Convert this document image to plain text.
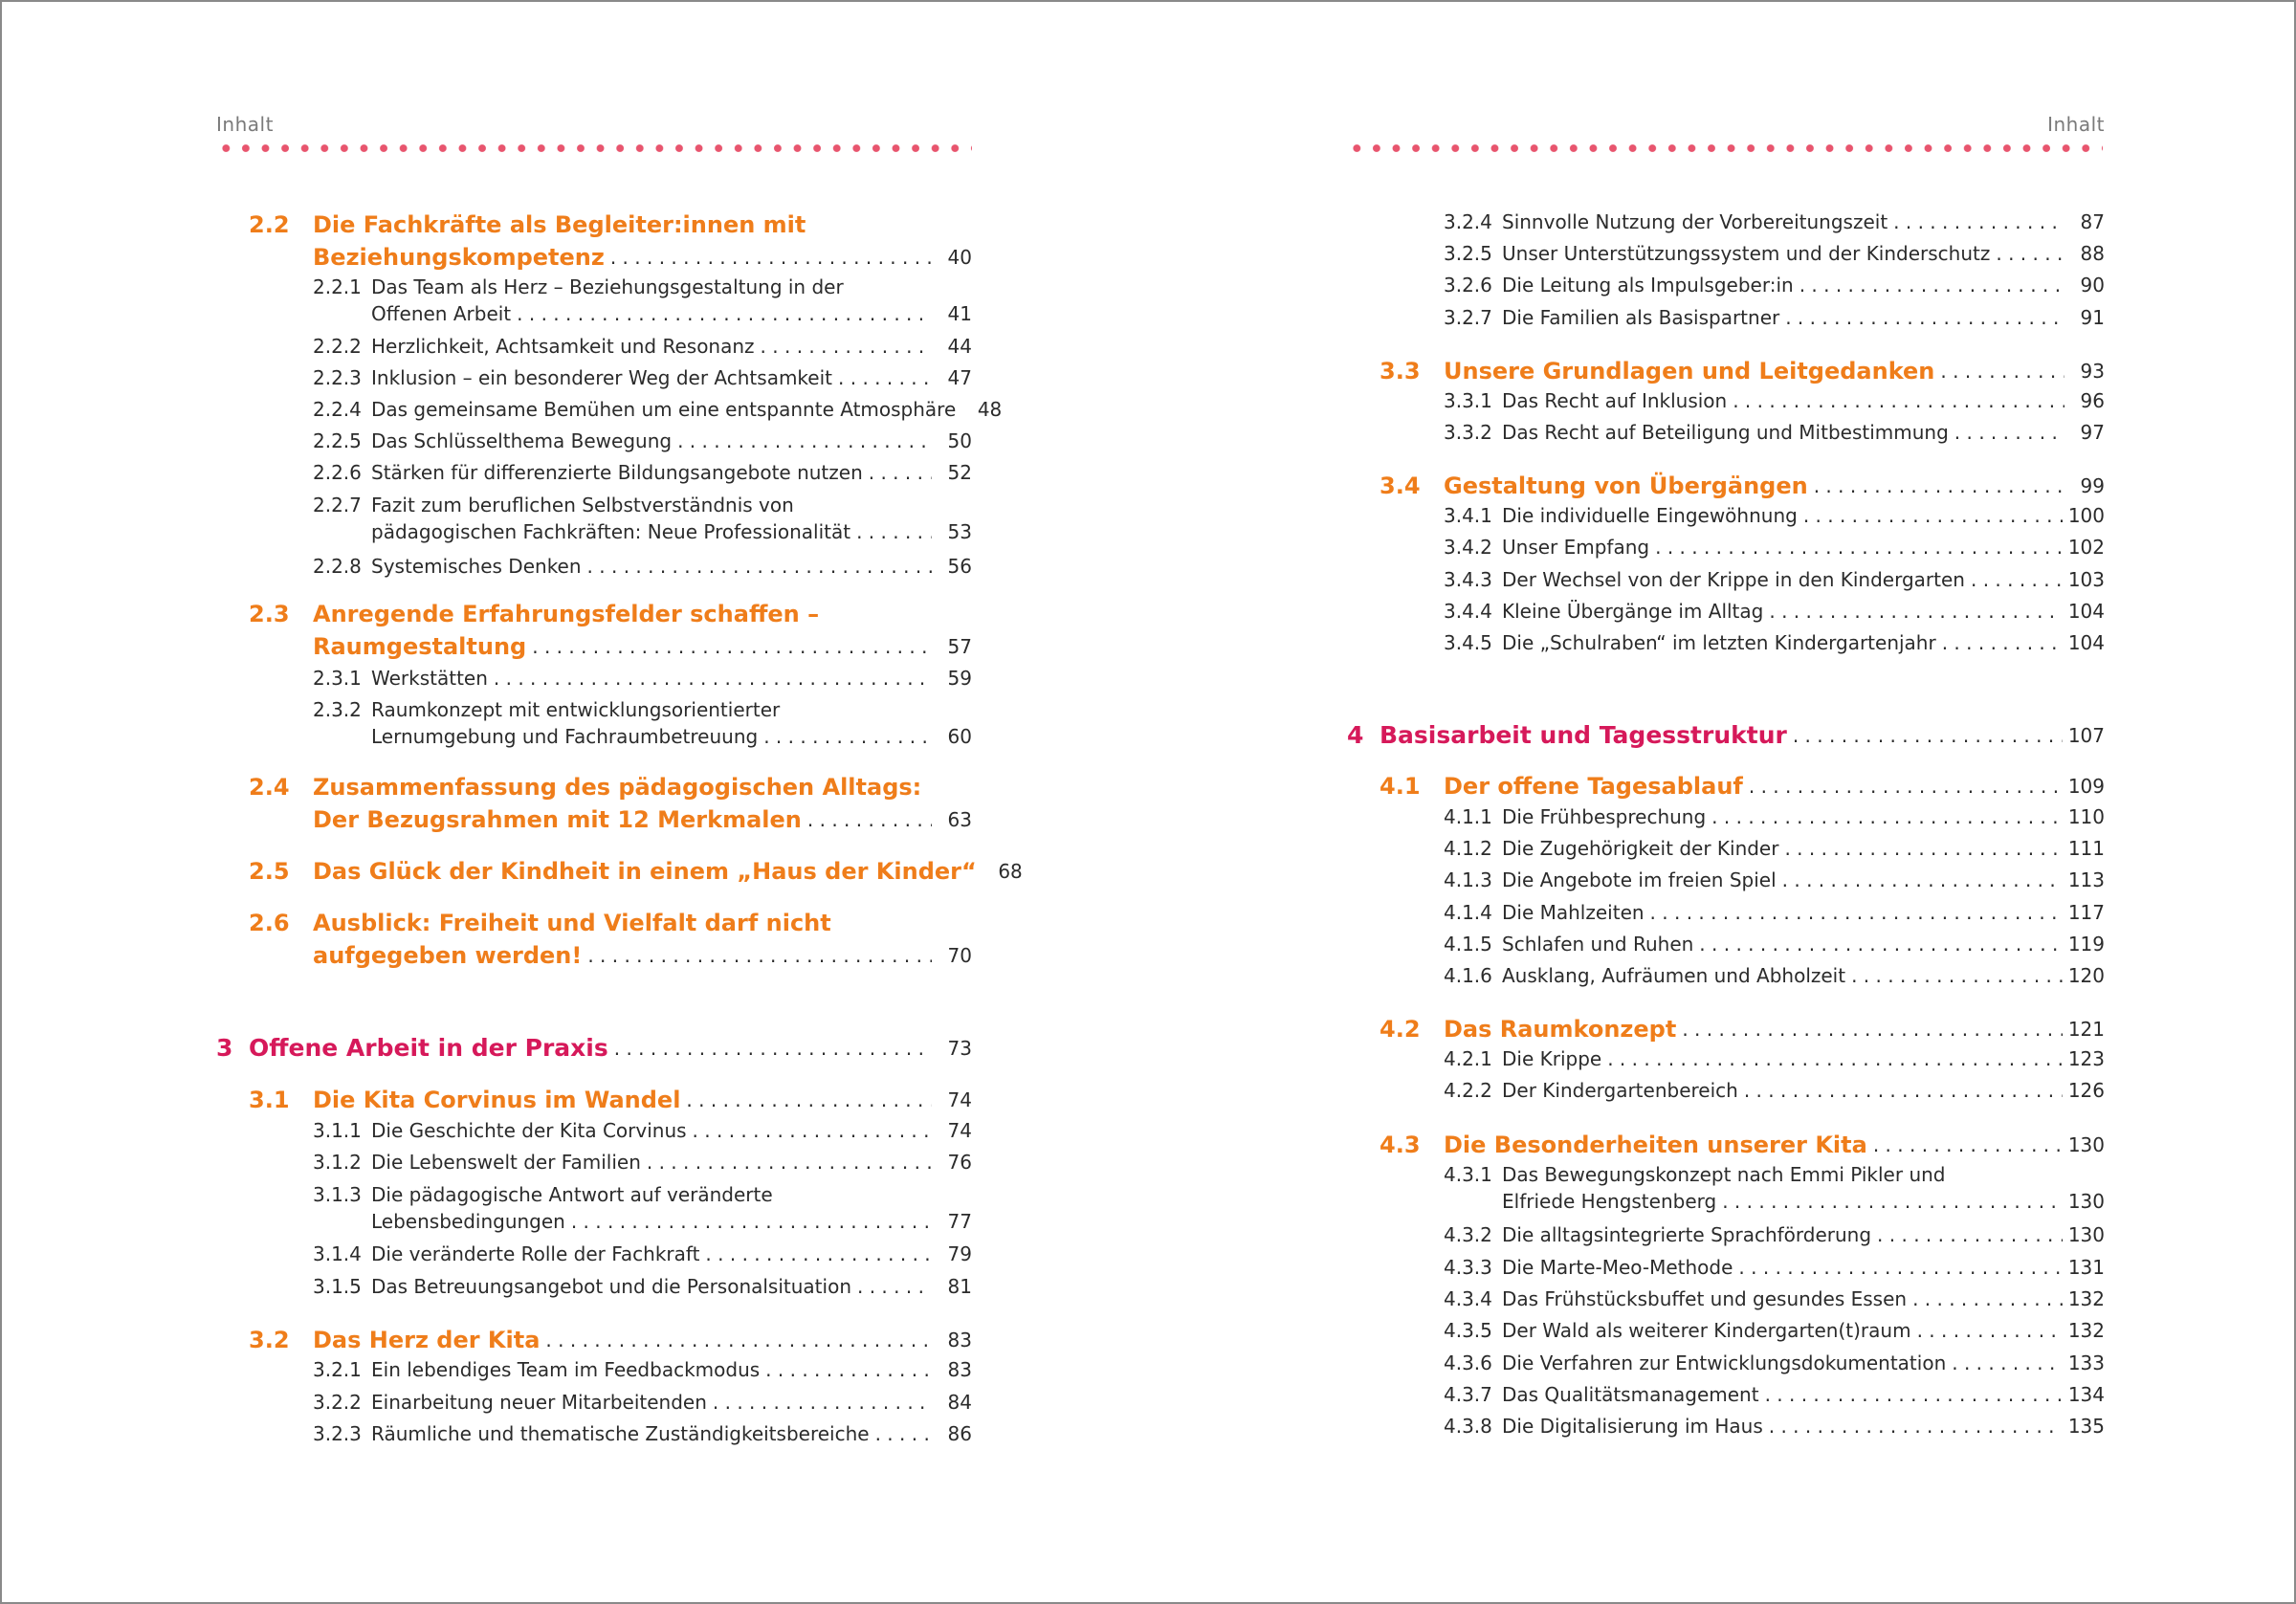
Inhalt
2.2 Die Fachkräfte als Begleiter:innen mit
Beziehungskompetenz . . .	40
2.2.1 Das Team als Herz – Beziehungsgestaltung in der
Offenen Arbeit . . .	41
2.2.2 Herzlichkeit, Achtsamkeit und Resonanz . . .	44
2.2.3 Inklusion – ein besonderer Weg der Achtsamkeit . . .	47
2.2.4 Das gemeinsame Bemühen um eine entspannte Atmosphäre	48
2.2.5 Das Schlüsselthema Bewegung . . .	50
2.2.6 Stärken für differenzierte Bildungsangebote nutzen . . .	52
2.2.7 Fazit zum beruflichen Selbstverständnis von
pädagogischen Fachkräften: Neue Professionalität . . .	53
2.2.8 Systemisches Denken . . .	56
2.3 Anregende Erfahrungsfelder schaffen –
Raumgestaltung . . .	57
2.3.1 Werkstätten . . .	59
2.3.2 Raumkonzept mit entwicklungsorientierter
Lernumgebung und Fachraumbetreuung . . .	60
2.4 Zusammenfassung des pädagogischen Alltags:
Der Bezugsrahmen mit 12 Merkmalen . . .	63
2.5 Das Glück der Kindheit in einem „Haus der Kinder“	68
2.6 Ausblick: Freiheit und Vielfalt darf nicht
aufgegeben werden! . . .	70
3 Offene Arbeit in der Praxis . . .	73
3.1 Die Kita Corvinus im Wandel . . .	74
3.1.1 Die Geschichte der Kita Corvinus . . .	74
3.1.2 Die Lebenswelt der Familien . . .	76
3.1.3 Die pädagogische Antwort auf veränderte
Lebensbedingungen . . .	77
3.1.4 Die veränderte Rolle der Fachkraft . . .	79
3.1.5 Das Betreuungsangebot und die Personalsituation . . .	81
3.2 Das Herz der Kita . . .	83
3.2.1 Ein lebendiges Team im Feedbackmodus . . .	83
3.2.2 Einarbeitung neuer Mitarbeitenden . . .	84
3.2.3 Räumliche und thematische Zuständigkeitsbereiche . . .	86
Inhalt
3.2.4 Sinnvolle Nutzung der Vorbereitungszeit . . .	87
3.2.5 Unser Unterstützungssystem und der Kinderschutz . . .	88
3.2.6 Die Leitung als Impulsgeber:in . . .	90
3.2.7 Die Familien als Basispartner . . .	91
3.3 Unsere Grundlagen und Leitgedanken . . .	93
3.3.1 Das Recht auf Inklusion . . .	96
3.3.2 Das Recht auf Beteiligung und Mitbestimmung . . .	97
3.4 Gestaltung von Übergängen . . .	99
3.4.1 Die individuelle Eingewöhnung . . .	100
3.4.2 Unser Empfang . . .	102
3.4.3 Der Wechsel von der Krippe in den Kindergarten . . .	103
3.4.4 Kleine Übergänge im Alltag . . .	104
3.4.5 Die „Schulraben“ im letzten Kindergartenjahr . . .	104
4 Basisarbeit und Tagesstruktur . . .	107
4.1 Der offene Tagesablauf . . .	109
4.1.1 Die Frühbesprechung . . .	110
4.1.2 Die Zugehörigkeit der Kinder . . .	111
4.1.3 Die Angebote im freien Spiel . . .	113
4.1.4 Die Mahlzeiten . . .	117
4.1.5 Schlafen und Ruhen . . .	119
4.1.6 Ausklang, Aufräumen und Abholzeit . . .	120
4.2 Das Raumkonzept . . .	121
4.2.1 Die Krippe . . .	123
4.2.2 Der Kindergartenbereich . . .	126
4.3 Die Besonderheiten unserer Kita . . .	130
4.3.1 Das Bewegungskonzept nach Emmi Pikler und
Elfriede Hengstenberg . . .	130
4.3.2 Die alltagsintegrierte Sprachförderung . . .	130
4.3.3 Die Marte-Meo-Methode . . .	131
4.3.4 Das Frühstücksbuffet und gesundes Essen . . .	132
4.3.5 Der Wald als weiterer Kindergarten(t)raum . . .	132
4.3.6 Die Verfahren zur Entwicklungsdokumentation . . .	133
4.3.7 Das Qualitätsmanagement . . .	134
4.3.8 Die Digitalisierung im Haus . . .	135
